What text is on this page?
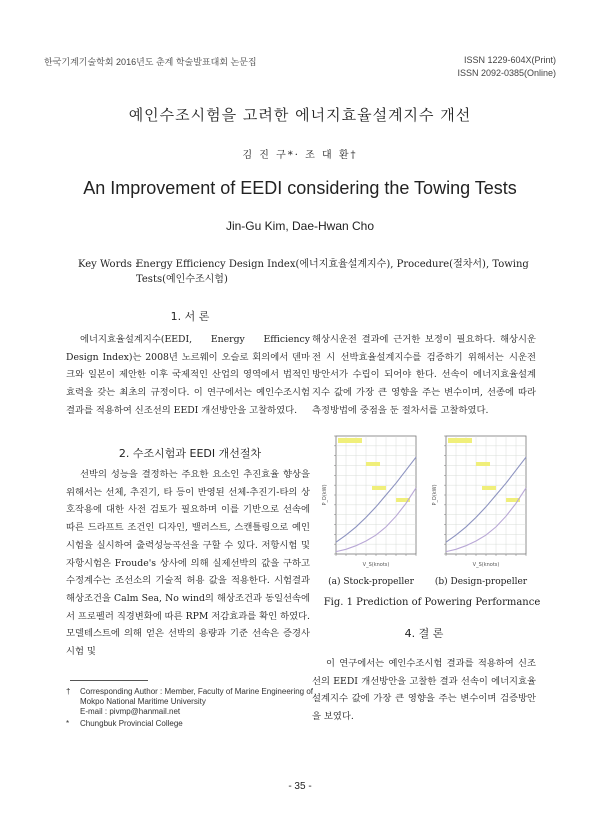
한국기계기술학회 2016년도 춘계 학술발표대회 논문집	ISSN 1229-604X(Print)
ISSN 2092-0385(Online)
예인수조시험을 고려한 에너지효율설계지수 개선
김 진 구*· 조 대 환†
An Improvement of EEDI considering the Towing Tests
Jin-Gu Kim, Dae-Hwan Cho
Key Words :
Energy Efficiency Design Index(에너지효율설계지수), Procedure(절차서), Towing Tests(예인수조시험)
1. 서 론
에너지효율설계지수(EEDI, Energy Efficiency Design Index)는 2008년 노르웨이 오슬로 회의에서 덴마크와 일본이 제안한 이후 국제적인 산업의 영역에서 법적인 효력을 갖는 최초의 규정이다. 이 연구에서는 예인수조시험 결과를 적용하여 신조선의 EEDI 개선방안을 고찰하였다.
2. 수조시험과 EEDI 개선절차
선박의 성능을 결정하는 주요한 요소인 추진효율 향상을 위해서는 선체, 추진기, 타 등이 반영된 선체-추진기-타의 상호작용에 대한 사전 검토가 필요하며 이를 기반으로 선속에 따른 드라프트 조건인 디자인, 밸러스트, 스캔틀링으로 예인시험을 실시하여 출력성능곡선을 구할 수 있다. 저항시험 및 자항시험은 Froude's 상사에 의해 실제선박의 값을 구하고 수정계수는 조선소의 기술적 허용 값을 적용한다. 시험결과 해상조건을 Calm Sea, No wind의 해상조건과 동일선속에서 프로펠러 직경변화에 따른 RPM 저감효과를 확인 하였다. 모델테스트에 의해 얻은 선박의 용량과 기준 선속은 증경사시험 및
† Corresponding Author : Member, Faculty of Marine Engineering of Mokpo National Maritime University
E-mail : pivmp@hanmail.net
* Chungbuk Provincial College
해상시운전 결과에 근거한 보정이 필요하다. 해상시운전 시 선박효율설계지수를 검증하기 위해서는 시운전 방안서가 수립이 되어야 한다. 선속이 에너지효율설계지수 값에 가장 큰 영향을 주는 변수이며, 선종에 따라 측정방법에 중점을 둔 절차서를 고찰하였다.
V_S(knots)
P_D(kW)
V_S(knots)
P_D(kW)
(a) Stock-propeller	(b) Design-propeller
Fig. 1 Prediction of Powering Performance
4. 결 론
이 연구에서는 예인수조시험 결과를 적용하여 신조선의 EEDI 개선방안을 고찰한 결과 선속이 에너지효율설계지수 값에 가장 큰 영향을 주는 변수이며 검증방안을 보였다.
- 35 -
